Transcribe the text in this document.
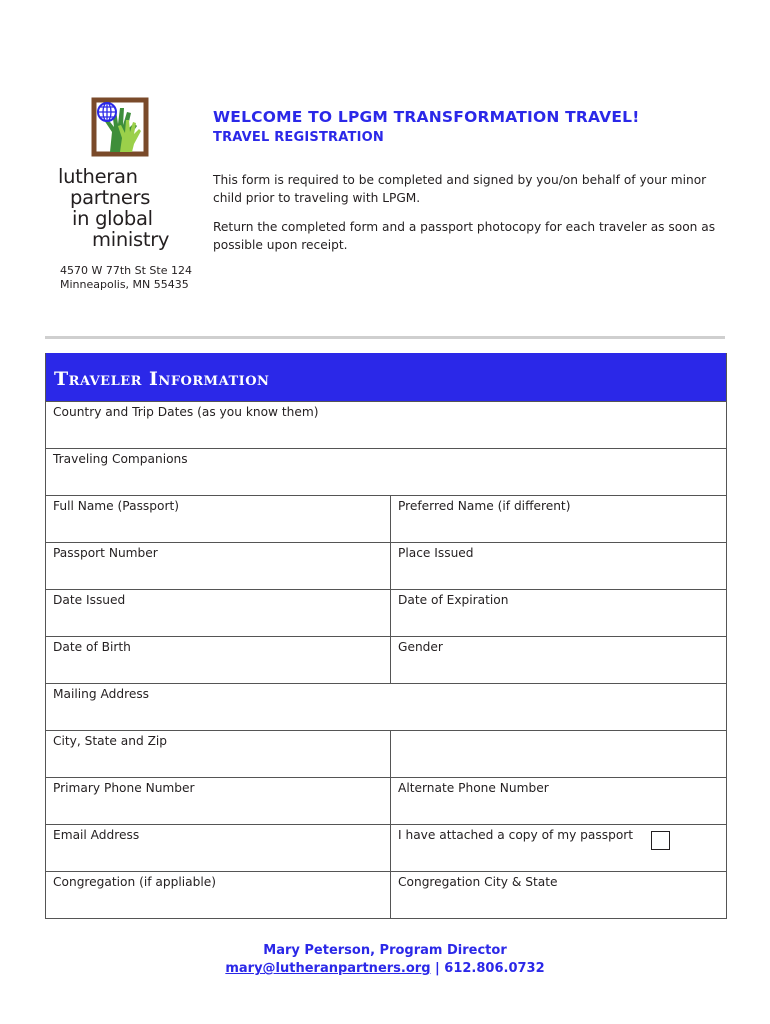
lutheran
partners
in global
ministry
4570 W 77th St Ste 124
Minneapolis, MN 55435
WELCOME TO LPGM TRANSFORMATION TRAVEL!
TRAVEL REGISTRATION
This form is required to be completed and signed by you/on behalf of your minor child prior to traveling with LPGM.
Return the completed form and a passport photocopy for each traveler as soon as possible upon receipt.
Traveler Information
Country and Trip Dates (as you know them)
Traveling Companions
Full Name (Passport)	Preferred Name (if different)
Passport Number	Place Issued
Date Issued	Date of Expiration
Date of Birth	Gender
Mailing Address
City, State and Zip
Primary Phone Number	Alternate Phone Number
Email Address	I have attached a copy of my passport
Congregation (if appliable)	Congregation City & State
Mary Peterson, Program Director
mary@lutheranpartners.org | 612.806.0732
